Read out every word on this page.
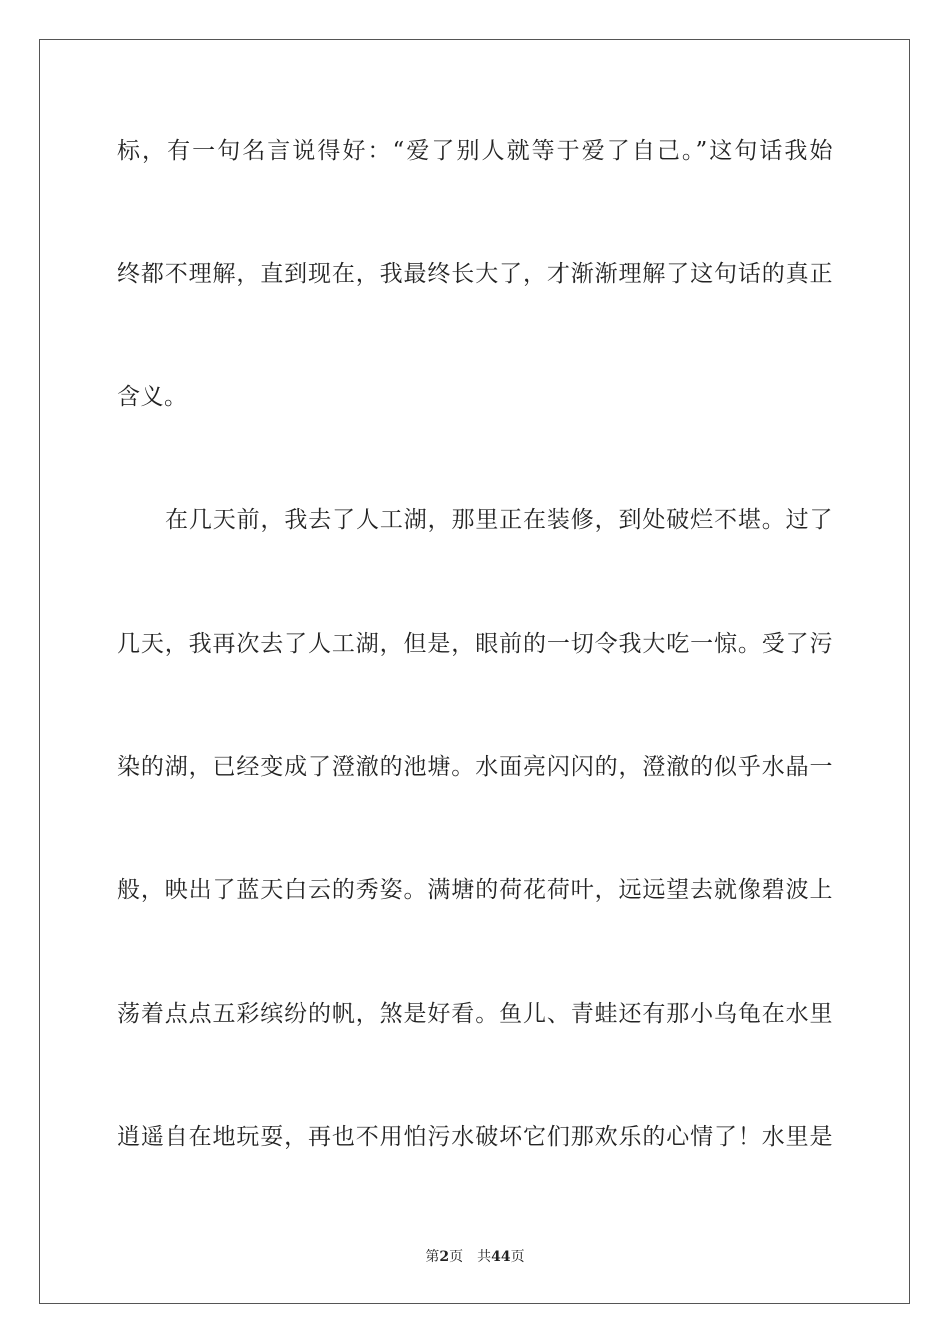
标，有一句名言说得好：“爱了别人就等于爱了自己。”这句话我始
终都不理解，直到现在，我最终长大了，才渐渐理解了这句话的真正
含义。
在几天前，我去了人工湖，那里正在装修，到处破烂不堪。过了
几天，我再次去了人工湖，但是，眼前的一切令我大吃一惊。受了污
染的湖，已经变成了澄澈的池塘。水面亮闪闪的，澄澈的似乎水晶一
般，映出了蓝天白云的秀姿。满塘的荷花荷叶，远远望去就像碧波上
荡着点点五彩缤纷的帆，煞是好看。鱼儿、青蛙还有那小乌龟在水里
逍遥自在地玩耍，再也不用怕污水破坏它们那欢乐的心情了！水里是
第2页 共44页
